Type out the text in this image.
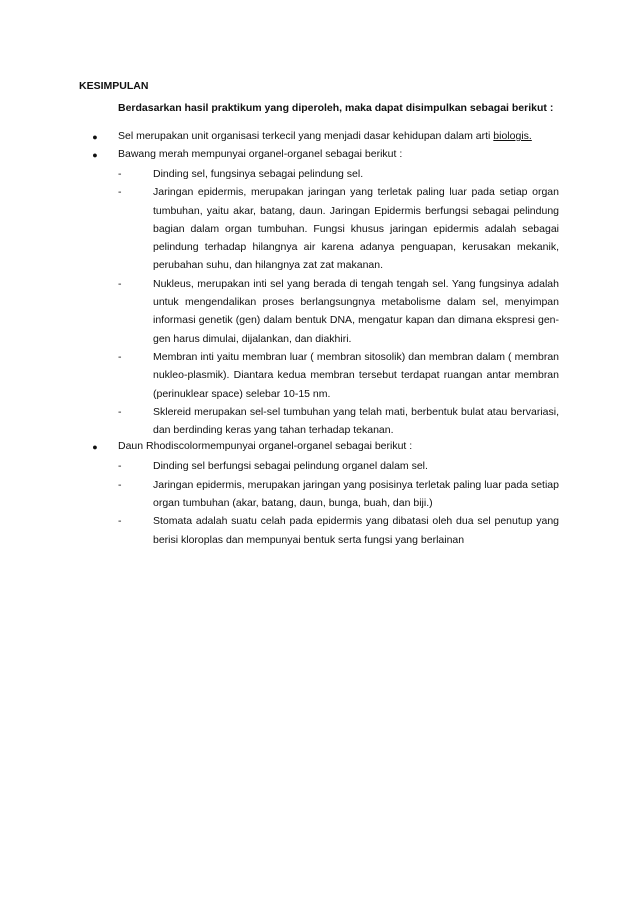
KESIMPULAN
Berdasarkan hasil praktikum yang diperoleh, maka dapat disimpulkan sebagai berikut :
● Sel merupakan unit organisasi terkecil yang menjadi dasar kehidupan dalam arti biologis.
● Bawang merah mempunyai organel-organel sebagai berikut :
-	Dinding sel, fungsinya sebagai pelindung sel.
-	Jaringan epidermis, merupakan jaringan yang terletak paling luar pada setiap organ tumbuhan, yaitu akar, batang, daun. Jaringan Epidermis berfungsi sebagai pelindung bagian dalam organ tumbuhan. Fungsi khusus jaringan epidermis adalah sebagai pelindung terhadap hilangnya air karena adanya penguapan, kerusakan mekanik, perubahan suhu, dan hilangnya zat zat makanan.
-	Nukleus, merupakan inti sel yang berada di tengah tengah sel. Yang fungsinya adalah untuk mengendalikan proses berlangsungnya metabolisme dalam sel, menyimpan informasi genetik (gen) dalam bentuk DNA, mengatur kapan dan dimana ekspresi gen-gen harus dimulai, dijalankan, dan diakhiri.
-	Membran inti yaitu membran luar ( membran sitosolik) dan membran dalam ( membran nukleo-plasmik). Diantara kedua membran tersebut terdapat ruangan antar membran (perinuklear space) selebar 10-15 nm.
-	Sklereid merupakan sel-sel tumbuhan yang telah mati, berbentuk bulat atau bervariasi, dan berdinding keras yang tahan terhadap tekanan.
● Daun Rhodiscolormempunyai organel-organel sebagai berikut :
-	Dinding sel berfungsi sebagai pelindung organel dalam sel.
-	Jaringan epidermis, merupakan jaringan yang posisinya terletak paling luar pada setiap organ tumbuhan (akar, batang, daun, bunga, buah, dan biji.)
-	Stomata adalah suatu celah pada epidermis yang dibatasi oleh dua sel penutup yang berisi kloroplas dan mempunyai bentuk serta fungsi yang berlainan
